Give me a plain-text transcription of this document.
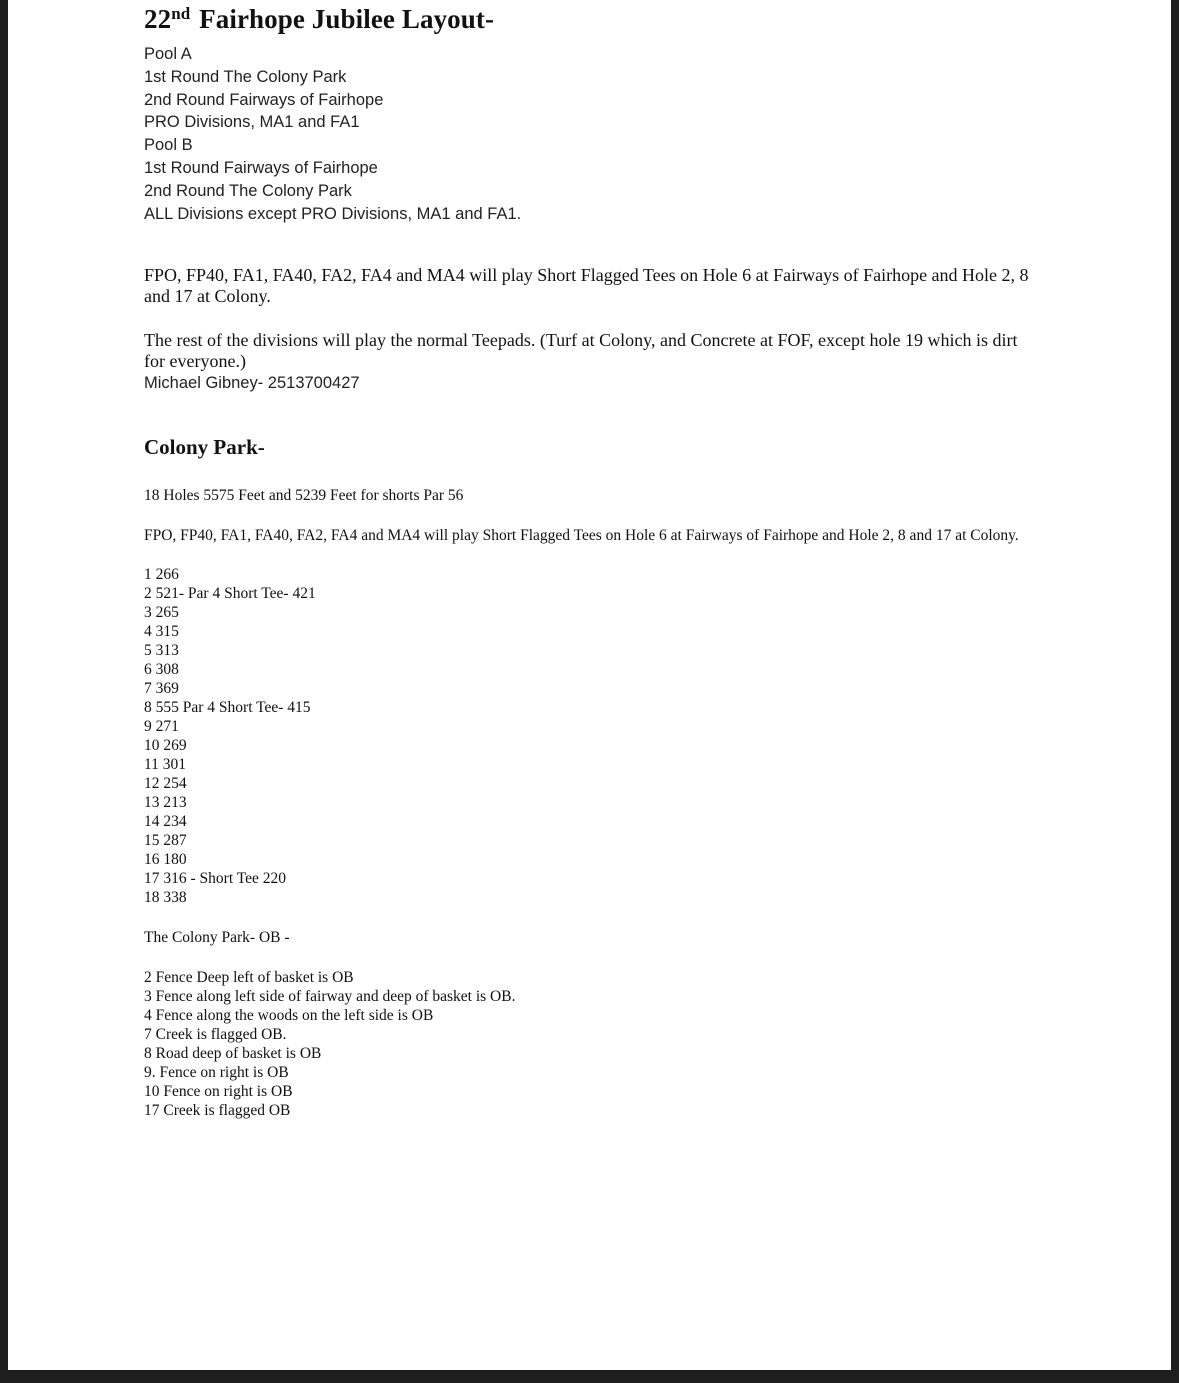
22nd Fairhope Jubilee Layout-
Pool A
1st Round The Colony Park
2nd Round Fairways of Fairhope
PRO Divisions, MA1 and FA1
Pool B
1st Round Fairways of Fairhope
2nd Round The Colony Park
ALL Divisions except PRO Divisions, MA1 and FA1.

FPO, FP40, FA1, FA40, FA2, FA4 and MA4 will play Short Flagged Tees on Hole 6 at Fairways of Fairhope and Hole 2, 8 and 17 at Colony.

The rest of the divisions will play the normal Teepads. (Turf at Colony, and Concrete at FOF, except hole 19 which is dirt for everyone.)

Michael Gibney- 2513700427
Colony Park-

18 Holes 5575 Feet and 5239 Feet for shorts Par 56

FPO, FP40, FA1, FA40, FA2, FA4 and MA4 will play Short Flagged Tees on Hole 6 at Fairways of Fairhope and Hole 2, 8 and 17 at Colony.

1 266
2 521- Par 4 Short Tee- 421
3 265
4 315
5 313
6 308
7 369
8 555 Par 4 Short Tee- 415
9 271
10 269
11 301
12 254
13 213
14 234
15 287
16 180
17 316 - Short Tee 220
18 338

The Colony Park- OB -

2 Fence Deep left of basket is OB
3 Fence along left side of fairway and deep of basket is OB.
4 Fence along the woods on the left side is OB
7 Creek is flagged OB.
8 Road deep of basket is OB
9. Fence on right is OB
10 Fence on right is OB
17 Creek is flagged OB
